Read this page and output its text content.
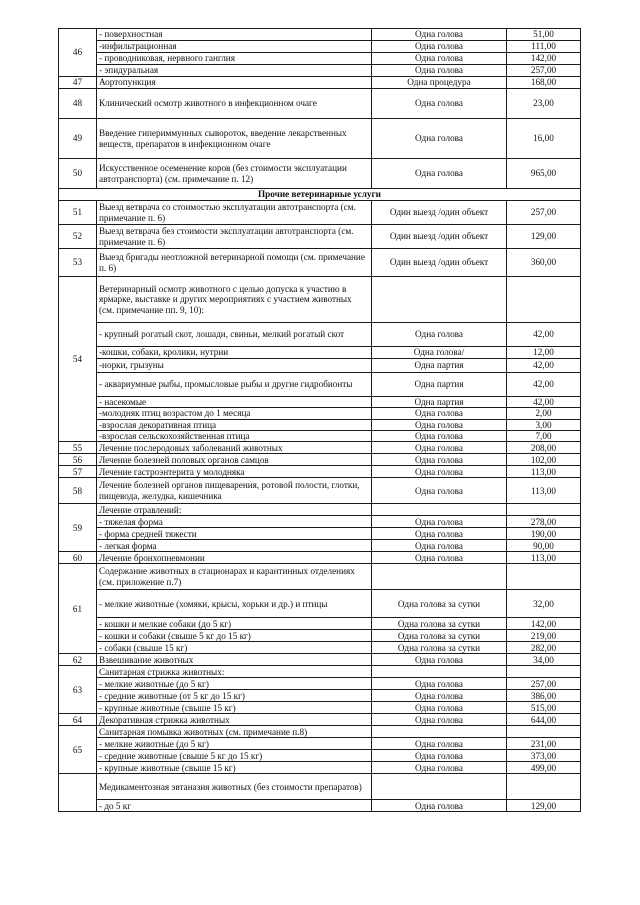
46	- поверхностная	Одна голова	51,00
	-инфильтрационная	Одна голова	111,00
	- проводниковая, нервного ганглия	Одна голова	142,00
	- эпидуральная	Одна голова	257,00
47	Аортопункция	Одна процедура	168,00
48	Клинический осмотр животного в инфекционном очаге	Одна голова	23,00
49	Введение гипериммунных сывороток, введение лекарственных веществ, препаратов в инфекционном очаге	Одна голова	16,00
50	Искусственное осеменение коров (без стоимости эксплуатации автотранспорта) (см. примечание п. 12)	Одна голова	965,00
Прочие ветеринарные услуги			
51	Выезд ветврача со стоимостью эксплуатации автотранспорта (см. примечание п. 6)	Один выезд /один объект	257,00
52	Выезд ветврача без стоимости эксплуатации автотранспорта (см. примечание п. 6)	Один выезд /один объект	129,00
53	Выезд бригады неотложной ветеринарной помощи (см. примечание п. 6)	Один выезд /один объект	360,00
54	Ветеринарный осмотр животного с целью допуска к участию в ярмарке, выставке и других мероприятиях с участием животных (см. примечание пп. 9, 10):		
	- крупный рогатый скот, лошади, свиньи, мелкий рогатый скот	Одна голова	42,00
	-кошки, собаки, кролики, нутрии	Одна голова/	12,00
	-норки, грызуны	Одна партия	42,00
	- аквариумные рыбы, промысловые рыбы и другие гидробионты	Одна партия	42,00
	- насекомые	Одна партия	42,00
	-молодняк птиц возрастом до 1 месяца	Одна голова	2,00
	-взрослая декоративная птица	Одна голова	3,00
	-взрослая сельскохозяйственная птица	Одна голова	7,00
55	Лечение послеродовых заболеваний животных	Одна голова	208,00
56	Лечение болезней половых органов самцов	Одна голова	102,00
57	Лечение гастроэнтерита у молодняка	Одна голова	113,00
58	Лечение болезней органов пищеварения, ротовой полости, глотки, пищевода, желудка, кишечника	Одна голова	113,00
59	Лечение отравлений:		
	- тяжелая форма	Одна голова	278,00
	- форма средней тяжести	Одна голова	190,00
	- легкая форма	Одна голова	90,00
60	Лечение бронхопневмонии	Одна голова	113,00
61	Содержание животных в стационарах и карантинных отделениях (см. приложение п.7)		
	- мелкие животные (хомяки, крысы, хорьки и др.) и птицы	Одна голова за сутки	32,00
	- кошки и мелкие собаки (до 5 кг)	Одна голова за сутки	142,00
	- кошки и собаки (свыше 5 кг до 15 кг)	Одна голова за сутки	219,00
	- собаки (свыше 15 кг)	Одна голова за сутки	282,00
62	Взвешивание животных	Одна голова	34,00
63	Санитарная стрижка животных:		
	- мелкие животные (до 5 кг)	Одна голова	257,00
	- средние животные (от 5 кг до 15 кг)	Одна голова	386,00
	- крупные животные (свыше 15 кг)	Одна голова	515,00
64	Декоративная стрижка животных	Одна голова	644,00
65	Санитарная помывка животных (см. примечание п.8)		
	- мелкие животные (до 5 кг)	Одна голова	231,00
	- средние животные (свыше 5 кг до 15 кг)	Одна голова	373,00
	- крупные животные (свыше 15 кг)	Одна голова	499,00
	Медикаментозная эвтаназия животных (без стоимости препаратов)		
	- до 5 кг	Одна голова	129,00
